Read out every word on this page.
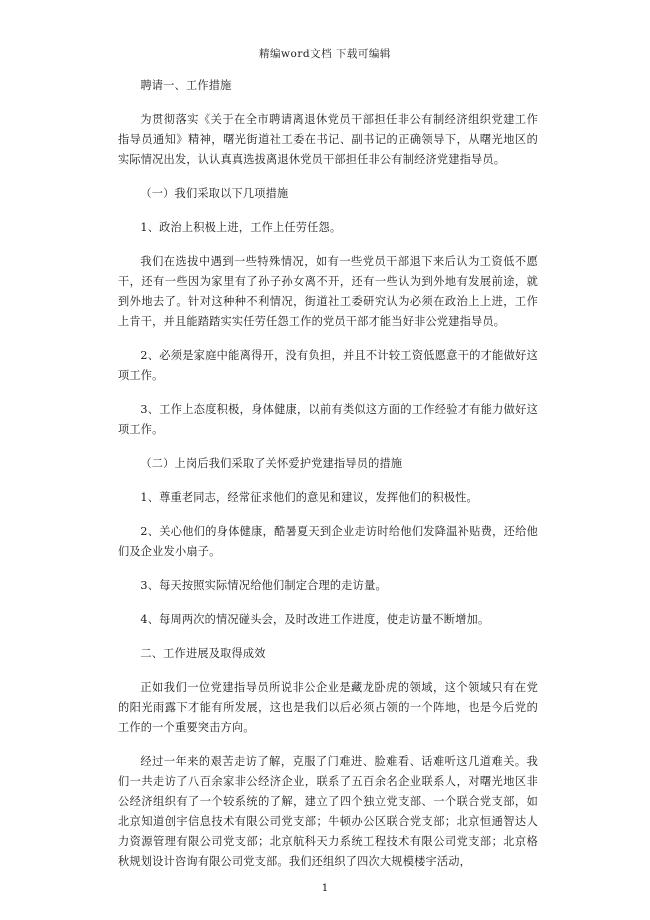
精编word文档 下载可编辑

聘请一、工作措施

为贯彻落实《关于在全市聘请离退休党员干部担任非公有制经济组织党建工作指导员通知》精神，曙光街道社工委在书记、副书记的正确领导下，从曙光地区的实际情况出发，认认真真选拔离退休党员干部担任非公有制经济党建指导员。

（一）我们采取以下几项措施

1、政治上积极上进，工作上任劳任怨。

我们在选拔中遇到一些特殊情况，如有一些党员干部退下来后认为工资低不愿干，还有一些因为家里有了孙子孙女离不开，还有一些认为到外地有发展前途，就到外地去了。针对这种种不利情况，街道社工委研究认为必须在政治上上进，工作上肯干，并且能踏踏实实任劳任怨工作的党员干部才能当好非公党建指导员。

2、必须是家庭中能离得开，没有负担，并且不计较工资低愿意干的才能做好这项工作。

3、工作上态度积极，身体健康，以前有类似这方面的工作经验才有能力做好这项工作。

（二）上岗后我们采取了关怀爱护党建指导员的措施

1、尊重老同志，经常征求他们的意见和建议，发挥他们的积极性。

2、关心他们的身体健康，酷暑夏天到企业走访时给他们发降温补贴费，还给他们及企业发小扇子。

3、每天按照实际情况给他们制定合理的走访量。

4、每周两次的情况碰头会，及时改进工作进度，使走访量不断增加。

二、工作进展及取得成效

正如我们一位党建指导员所说非公企业是藏龙卧虎的领域，这个领域只有在党的阳光雨露下才能有所发展，这也是我们以后必须占领的一个阵地，也是今后党的工作的一个重要突击方向。

经过一年来的艰苦走访了解，克服了门难进、脸难看、话难听这几道难关。我们一共走访了八百余家非公经济企业，联系了五百余名企业联系人，对曙光地区非公经济组织有了一个较系统的了解，建立了四个独立党支部、一个联合党支部，如北京知道创宇信息技术有限公司党支部；牛顿办公区联合党支部；北京恒通智达人力资源管理有限公司党支部；北京航科天力系统工程技术有限公司党支部；北京格秋规划设计咨询有限公司党支部。我们还组织了四次大规模楼宇活动，

1
